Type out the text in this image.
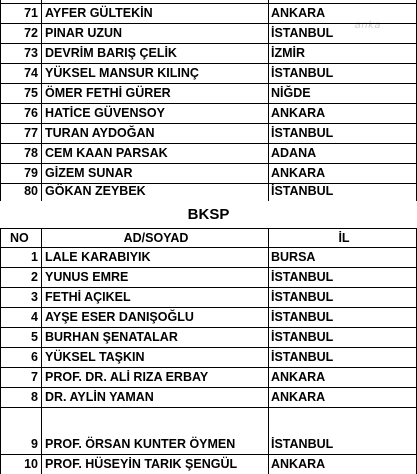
anka
71 AYFER GÜLTEKİN	ANKARA
72 PINAR UZUN	İSTANBUL
73 DEVRİM BARIŞ ÇELİK	İZMİR
74 YÜKSEL MANSUR KILINÇ	İSTANBUL
75 ÖMER FETHİ GÜRER	NİĞDE
76 HATİCE GÜVENSOY	ANKARA
77 TURAN AYDOĞAN	İSTANBUL
78 CEM KAAN PARSAK	ADANA
79 GİZEM SUNAR	ANKARA
80 GÖKAN ZEYBEK	İSTANBUL
BKSP
NO	AD/SOYAD	İL
1 LALE KARABIYIK	BURSA
2 YUNUS EMRE	İSTANBUL
3 FETHİ AÇIKEL	İSTANBUL
4 AYŞE ESER DANIŞOĞLU	İSTANBUL
5 BURHAN ŞENATALAR	İSTANBUL
6 YÜKSEL TAŞKIN	İSTANBUL
7 PROF. DR. ALİ RIZA ERBAY	ANKARA
8 DR. AYLİN YAMAN	ANKARA
9 PROF. ÖRSAN KUNTER ÖYMEN	İSTANBUL
10 PROF. HÜSEYİN TARIK ŞENGÜL	ANKARA
